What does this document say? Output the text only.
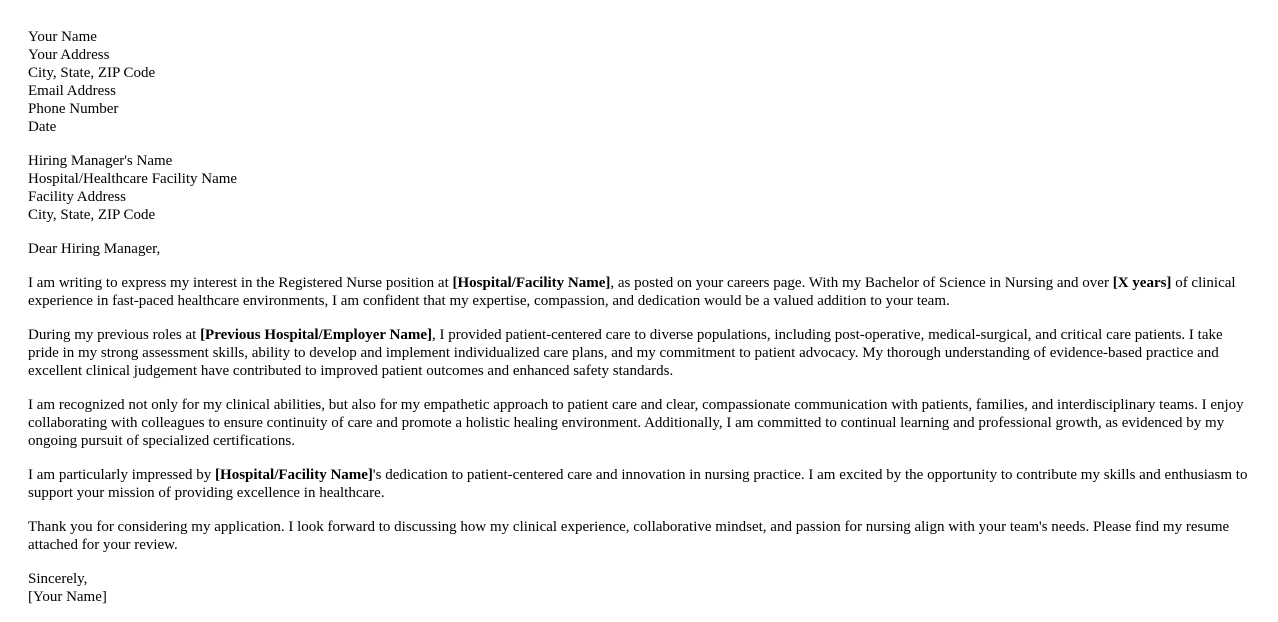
Your Name
Your Address
City, State, ZIP Code
Email Address
Phone Number
Date
Hiring Manager's Name
Hospital/Healthcare Facility Name
Facility Address
City, State, ZIP Code

Dear Hiring Manager,

I am writing to express my interest in the Registered Nurse position at [Hospital/Facility Name], as posted on your careers page. With my Bachelor of Science in Nursing and over [X years] of clinical experience in fast-paced healthcare environments, I am confident that my expertise, compassion, and dedication would be a valued addition to your team.

During my previous roles at [Previous Hospital/Employer Name], I provided patient-centered care to diverse populations, including post-operative, medical-surgical, and critical care patients. I take pride in my strong assessment skills, ability to develop and implement individualized care plans, and my commitment to patient advocacy. My thorough understanding of evidence-based practice and excellent clinical judgement have contributed to improved patient outcomes and enhanced safety standards.

I am recognized not only for my clinical abilities, but also for my empathetic approach to patient care and clear, compassionate communication with patients, families, and interdisciplinary teams. I enjoy collaborating with colleagues to ensure continuity of care and promote a holistic healing environment. Additionally, I am committed to continual learning and professional growth, as evidenced by my ongoing pursuit of specialized certifications.

I am particularly impressed by [Hospital/Facility Name]'s dedication to patient-centered care and innovation in nursing practice. I am excited by the opportunity to contribute my skills and enthusiasm to support your mission of providing excellence in healthcare.

Thank you for considering my application. I look forward to discussing how my clinical experience, collaborative mindset, and passion for nursing align with your team's needs. Please find my resume attached for your review.

Sincerely,
[Your Name]
